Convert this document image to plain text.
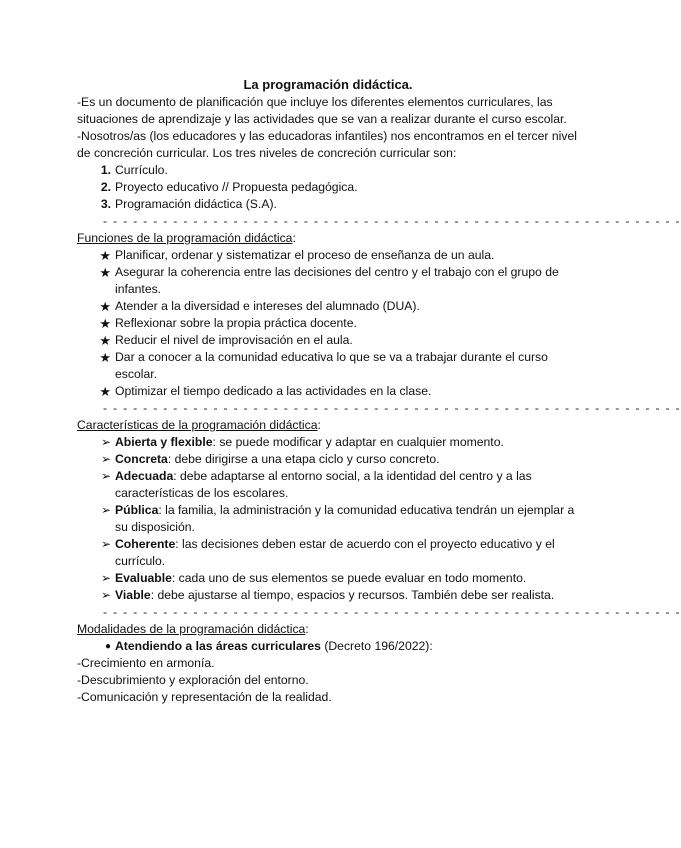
La programación didáctica.

-Es un documento de planificación que incluye los diferentes elementos curriculares, las situaciones de aprendizaje y las actividades que se van a realizar durante el curso escolar.

-Nosotros/as (los educadores y las educadoras infantiles) nos encontramos en el tercer nivel de concreción curricular. Los tres niveles de concreción curricular son:

1. Currículo.
2. Proyecto educativo // Propuesta pedagógica.
3. Programación didáctica (S.A).
- - - - - - - - - - - - - - - - - - - - - - - - - - - - - - - - - - - - - - - - - - - - - - - - - - - - - - - - - -
Funciones de la programación didáctica:
★ Planificar, ordenar y sistematizar el proceso de enseñanza de un aula.
★ Asegurar la coherencia entre las decisiones del centro y el trabajo con el grupo de infantes.
★ Atender a la diversidad e intereses del alumnado (DUA).
★ Reflexionar sobre la propia práctica docente.
★ Reducir el nivel de improvisación en el aula.
★ Dar a conocer a la comunidad educativa lo que se va a trabajar durante el curso escolar.
★ Optimizar el tiempo dedicado a las actividades en la clase.
- - - - - - - - - - - - - - - - - - - - - - - - - - - - - - - - - - - - - - - - - - - - - - - - - - - - - - - - - -
Características de la programación didáctica:
➢ Abierta y flexible: se puede modificar y adaptar en cualquier momento.
➢ Concreta: debe dirigirse a una etapa ciclo y curso concreto.
➢ Adecuada: debe adaptarse al entorno social, a la identidad del centro y a las características de los escolares.
➢ Pública: la familia, la administración y la comunidad educativa tendrán un ejemplar a su disposición.
➢ Coherente: las decisiones deben estar de acuerdo con el proyecto educativo y el currículo.
➢ Evaluable: cada uno de sus elementos se puede evaluar en todo momento.
➢ Viable: debe ajustarse al tiempo, espacios y recursos. También debe ser realista.
- - - - - - - - - - - - - - - - - - - - - - - - - - - - - - - - - - - - - - - - - - - - - - - - - - - - - - - - - -
Modalidades de la programación didáctica:
● Atendiendo a las áreas curriculares (Decreto 196/2022):

-Crecimiento en armonía.

-Descubrimiento y exploración del entorno.

-Comunicación y representación de la realidad.
